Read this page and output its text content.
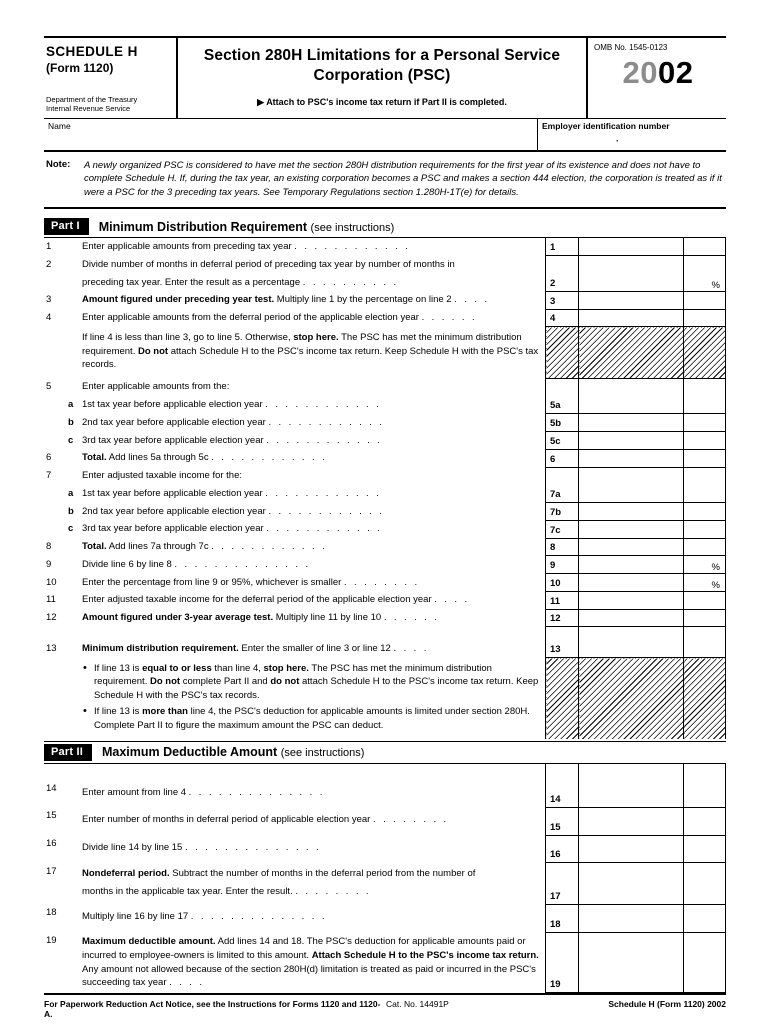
SCHEDULE H
(Form 1120)
Department of the Treasury
Internal Revenue Service
Section 280H Limitations for a Personal Service
Corporation (PSC)
▶ Attach to PSC's income tax return if Part II is completed.
OMB No. 1545-0123
2002
Name	Employer identification number
·
Note:	A newly organized PSC is considered to have met the section 280H distribution requirements for the first year of its existence and does not have to complete Schedule H. If, during the tax year, an existing corporation becomes a PSC and makes a section 444 election, the corporation is treated as if it were a PSC for the 3 preceding tax years. See Temporary Regulations section 1.280H-1T(e) for details.
Part I	Minimum Distribution Requirement (see instructions)
1		Enter applicable amounts from preceding tax year . . . . . . . . . . . .	1		
2		Divide number of months in deferral period of preceding tax year by number of months in			
		preceding tax year. Enter the result as a percentage . . . . . . . . . .	2		%
3		Amount figured under preceding year test. Multiply line 1 by the percentage on line 2 . . . .	3		
4		Enter applicable amounts from the deferral period of the applicable election year . . . . . .	4		
		If line 4 is less than line 3, go to line 5. Otherwise, stop here. The PSC has met the minimum distribution requirement. Do not attach Schedule H to the PSC's income tax return. Keep Schedule H with the PSC's tax records.			
5		Enter applicable amounts from the:			
	a	1st tax year before applicable election year . . . . . . . . . . . .	5a		
	b	2nd tax year before applicable election year . . . . . . . . . . . .	5b		
	c	3rd tax year before applicable election year . . . . . . . . . . . .	5c		
6		Total. Add lines 5a through 5c . . . . . . . . . . . .	6		
7		Enter adjusted taxable income for the:			
	a	1st tax year before applicable election year . . . . . . . . . . . .	7a		
	b	2nd tax year before applicable election year . . . . . . . . . . . .	7b		
	c	3rd tax year before applicable election year . . . . . . . . . . . .	7c		
8		Total. Add lines 7a through 7c . . . . . . . . . . . .	8		
9		Divide line 6 by line 8 . . . . . . . . . . . . . .	9		%
10		Enter the percentage from line 9 or 95%, whichever is smaller . . . . . . . .	10		%
11		Enter adjusted taxable income for the deferral period of the applicable election year . . . .	11		
12		Amount figured under 3-year average test. Multiply line 11 by line 10 . . . . . .	12		

13		Minimum distribution requirement. Enter the smaller of line 3 or line 12 . . . .	13		

		• If line 13 is equal to or less than line 4, stop here. The PSC has met the minimum distribution requirement. Do not complete Part II and do not attach Schedule H to the PSC's income tax return. Keep Schedule H with the PSC's tax records.
• If line 13 is more than line 4, the PSC's deduction for applicable amounts is limited under section 280H. Complete Part II to figure the maximum amount the PSC can deduct.

Part II	Maximum Deductible Amount (see instructions)

14		Enter amount from line 4 . . . . . . . . . . . . . .	14		
15		Enter number of months in deferral period of applicable election year . . . . . . . .	15		
16		Divide line 14 by line 15 . . . . . . . . . . . . . .	16		
17		Nondeferral period. Subtract the number of months in the deferral period from the number of			
		months in the applicable tax year. Enter the result. . . . . . . . .	17		
18		Multiply line 16 by line 17 . . . . . . . . . . . . . .	18		
19		Maximum deductible amount. Add lines 14 and 18. The PSC's deduction for applicable amounts paid or incurred to employee-owners is limited to this amount. Attach Schedule H to the PSC's income tax return. Any amount not allowed because of the section 280H(d) limitation is treated as paid or incurred in the PSC's succeeding tax year . . . .	19		
For Paperwork Reduction Act Notice, see the Instructions for Forms 1120 and 1120-A.
Cat. No. 14491P	Schedule H (Form 1120) 2002
